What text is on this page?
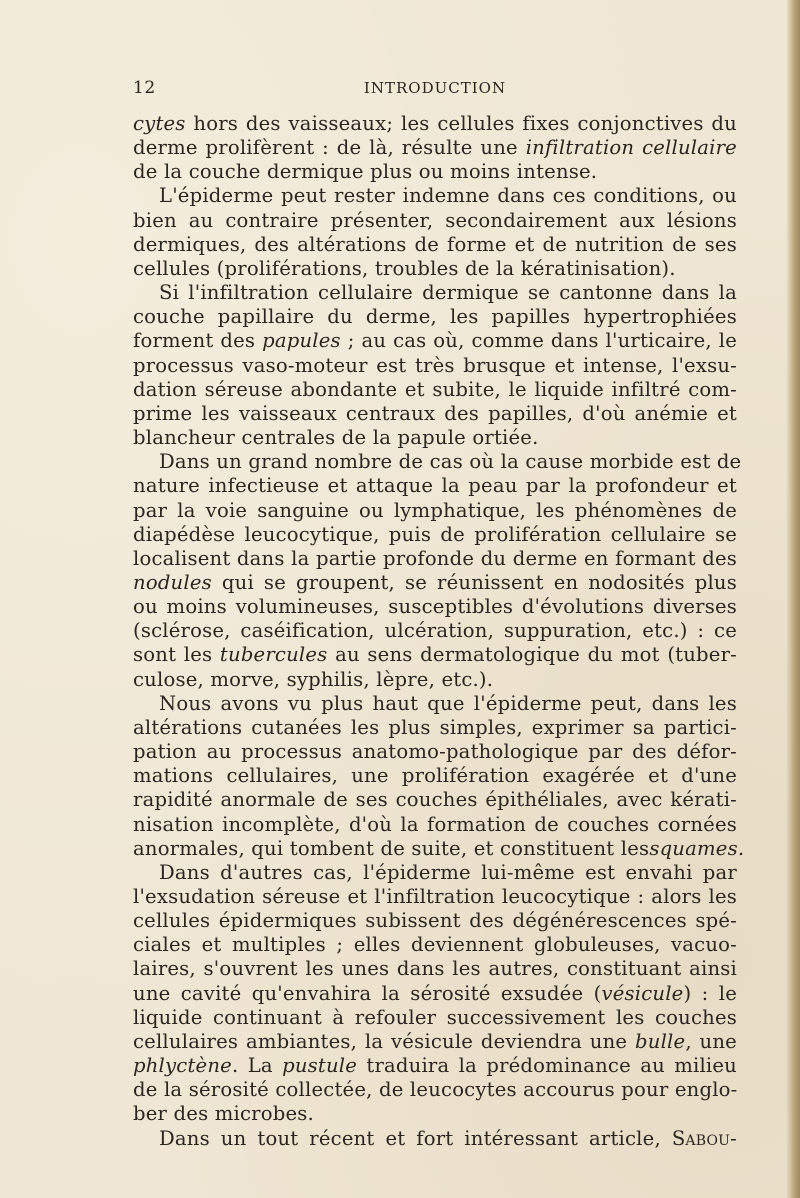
12	INTRODUCTION
cytes hors des vaisseaux; les cellules fixes conjonctives du
derme prolifèrent : de là, résulte une infiltration cellulaire
de la couche dermique plus ou moins intense.
L'épiderme peut rester indemne dans ces conditions, ou
bien au contraire présenter, secondairement aux lésions
dermiques, des altérations de forme et de nutrition de ses
cellules (proliférations, troubles de la kératinisation).
Si l'infiltration cellulaire dermique se cantonne dans la
couche papillaire du derme, les papilles hypertrophiées
forment des papules ; au cas où, comme dans l'urticaire, le
processus vaso-moteur est très brusque et intense, l'exsu-
dation séreuse abondante et subite, le liquide infiltré com-
prime les vaisseaux centraux des papilles, d'où anémie et
blancheur centrales de la papule ortiée.
Dans un grand nombre de cas où la cause morbide est de
nature infectieuse et attaque la peau par la profondeur et
par la voie sanguine ou lymphatique, les phénomènes de
diapédèse leucocytique, puis de prolifération cellulaire se
localisent dans la partie profonde du derme en formant des
nodules qui se groupent, se réunissent en nodosités plus
ou moins volumineuses, susceptibles d'évolutions diverses
(sclérose, caséification, ulcération, suppuration, etc.) : ce
sont les tubercules au sens dermatologique du mot (tuber-
culose, morve, syphilis, lèpre, etc.).
Nous avons vu plus haut que l'épiderme peut, dans les
altérations cutanées les plus simples, exprimer sa partici-
pation au processus anatomo-pathologique par des défor-
mations cellulaires, une prolifération exagérée et d'une
rapidité anormale de ses couches épithéliales, avec kérati-
nisation incomplète, d'où la formation de couches cornées
anormales, qui tombent de suite, et constituent lessquames.
Dans d'autres cas, l'épiderme lui-même est envahi par
l'exsudation séreuse et l'infiltration leucocytique : alors les
cellules épidermiques subissent des dégénérescences spé-
ciales et multiples ; elles deviennent globuleuses, vacuo-
laires, s'ouvrent les unes dans les autres, constituant ainsi
une cavité qu'envahira la sérosité exsudée (vésicule) : le
liquide continuant à refouler successivement les couches
cellulaires ambiantes, la vésicule deviendra une bulle, une
phlyctène. La pustule traduira la prédominance au milieu
de la sérosité collectée, de leucocytes accourus pour englo-
ber des microbes.
Dans un tout récent et fort intéressant article, Sabou-
